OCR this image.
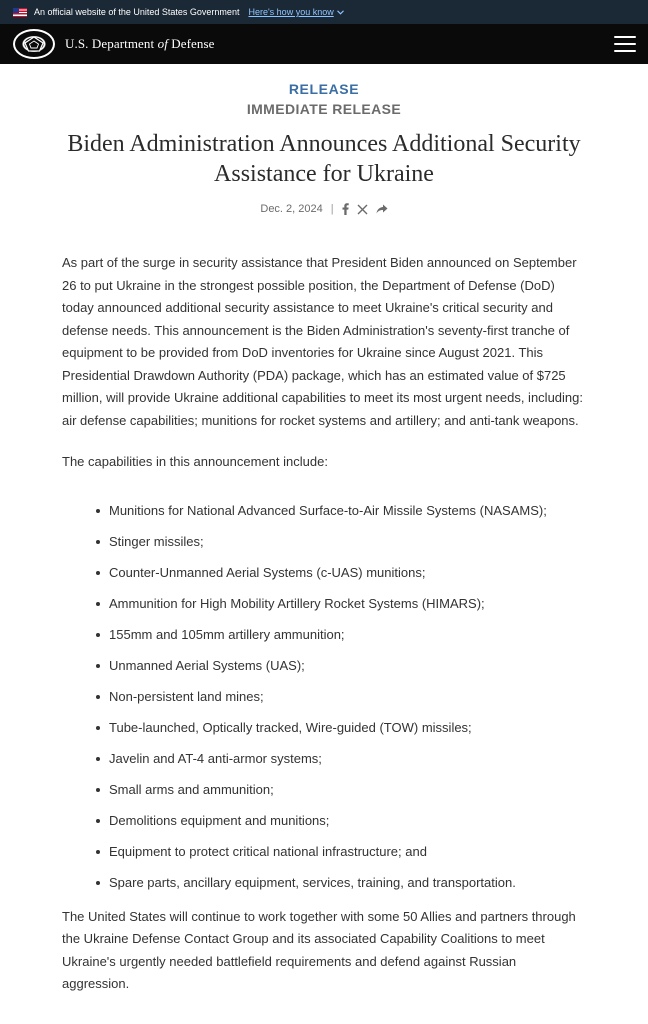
An official website of the United States Government Here's how you know
U.S. Department of Defense
RELEASE
IMMEDIATE RELEASE
Biden Administration Announces Additional Security Assistance for Ukraine
Dec. 2, 2024 |

As part of the surge in security assistance that President Biden announced on September 26 to put Ukraine in the strongest possible position, the Department of Defense (DoD) today announced additional security assistance to meet Ukraine's critical security and defense needs. This announcement is the Biden Administration's seventy-first tranche of equipment to be provided from DoD inventories for Ukraine since August 2021. This Presidential Drawdown Authority (PDA) package, which has an estimated value of $725 million, will provide Ukraine additional capabilities to meet its most urgent needs, including: air defense capabilities; munitions for rocket systems and artillery; and anti-tank weapons.

The capabilities in this announcement include:

Munitions for National Advanced Surface-to-Air Missile Systems (NASAMS);
Stinger missiles;
Counter-Unmanned Aerial Systems (c-UAS) munitions;
Ammunition for High Mobility Artillery Rocket Systems (HIMARS);
155mm and 105mm artillery ammunition;
Unmanned Aerial Systems (UAS);
Non-persistent land mines;
Tube-launched, Optically tracked, Wire-guided (TOW) missiles;
Javelin and AT-4 anti-armor systems;
Small arms and ammunition;
Demolitions equipment and munitions;
Equipment to protect critical national infrastructure; and
Spare parts, ancillary equipment, services, training, and transportation.

The United States will continue to work together with some 50 Allies and partners through the Ukraine Defense Contact Group and its associated Capability Coalitions to meet Ukraine's urgently needed battlefield requirements and defend against Russian aggression.
